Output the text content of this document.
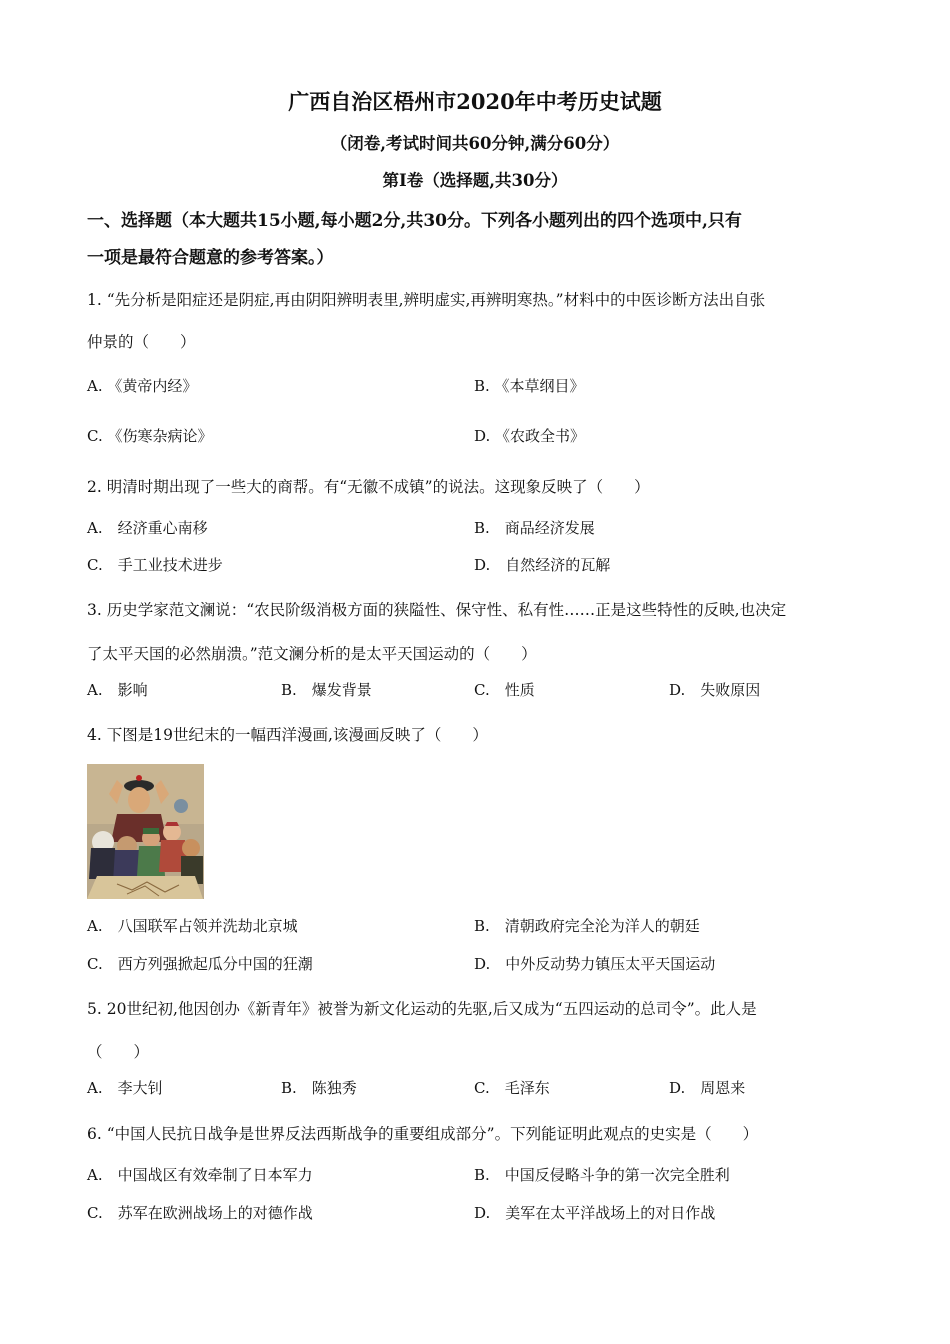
广西自治区梧州市2020年中考历史试题
（闭卷,考试时间共60分钟,满分60分）
第Ⅰ卷（选择题,共30分）
一、选择题（本大题共15小题,每小题2分,共30分。下列各小题列出的四个选项中,只有
一项是最符合题意的参考答案。）
1. “先分析是阳症还是阴症,再由阴阳辨明表里,辨明虚实,再辨明寒热。”材料中的中医诊断方法出自张
仲景的（　　）
A. 《黄帝内经》	B. 《本草纲目》
C. 《伤寒杂病论》	D. 《农政全书》
2. 明清时期出现了一些大的商帮。有“无徽不成镇”的说法。这现象反映了（　　）
A.　经济重心南移	B.　商品经济发展
C.　手工业技术进步	D.　自然经济的瓦解
3. 历史学家范文澜说：“农民阶级消极方面的狭隘性、保守性、私有性……正是这些特性的反映,也决定
了太平天国的必然崩溃。”范文澜分析的是太平天国运动的（　　）
A.　影响	B.　爆发背景	C.　性质	D.　失败原因
4. 下图是19世纪末的一幅西洋漫画,该漫画反映了（　　）
A.　八国联军占领并洗劫北京城	B.　清朝政府完全沦为洋人的朝廷
C.　西方列强掀起瓜分中国的狂潮	D.　中外反动势力镇压太平天国运动
5. 20世纪初,他因创办《新青年》被誉为新文化运动的先驱,后又成为“五四运动的总司令”。此人是
（　　）
A.　李大钊	B.　陈独秀	C.　毛泽东	D.　周恩来
6. “中国人民抗日战争是世界反法西斯战争的重要组成部分”。下列能证明此观点的史实是（　　）
A.　中国战区有效牵制了日本军力	B.　中国反侵略斗争的第一次完全胜利
C.　苏军在欧洲战场上的对德作战	D.　美军在太平洋战场上的对日作战
